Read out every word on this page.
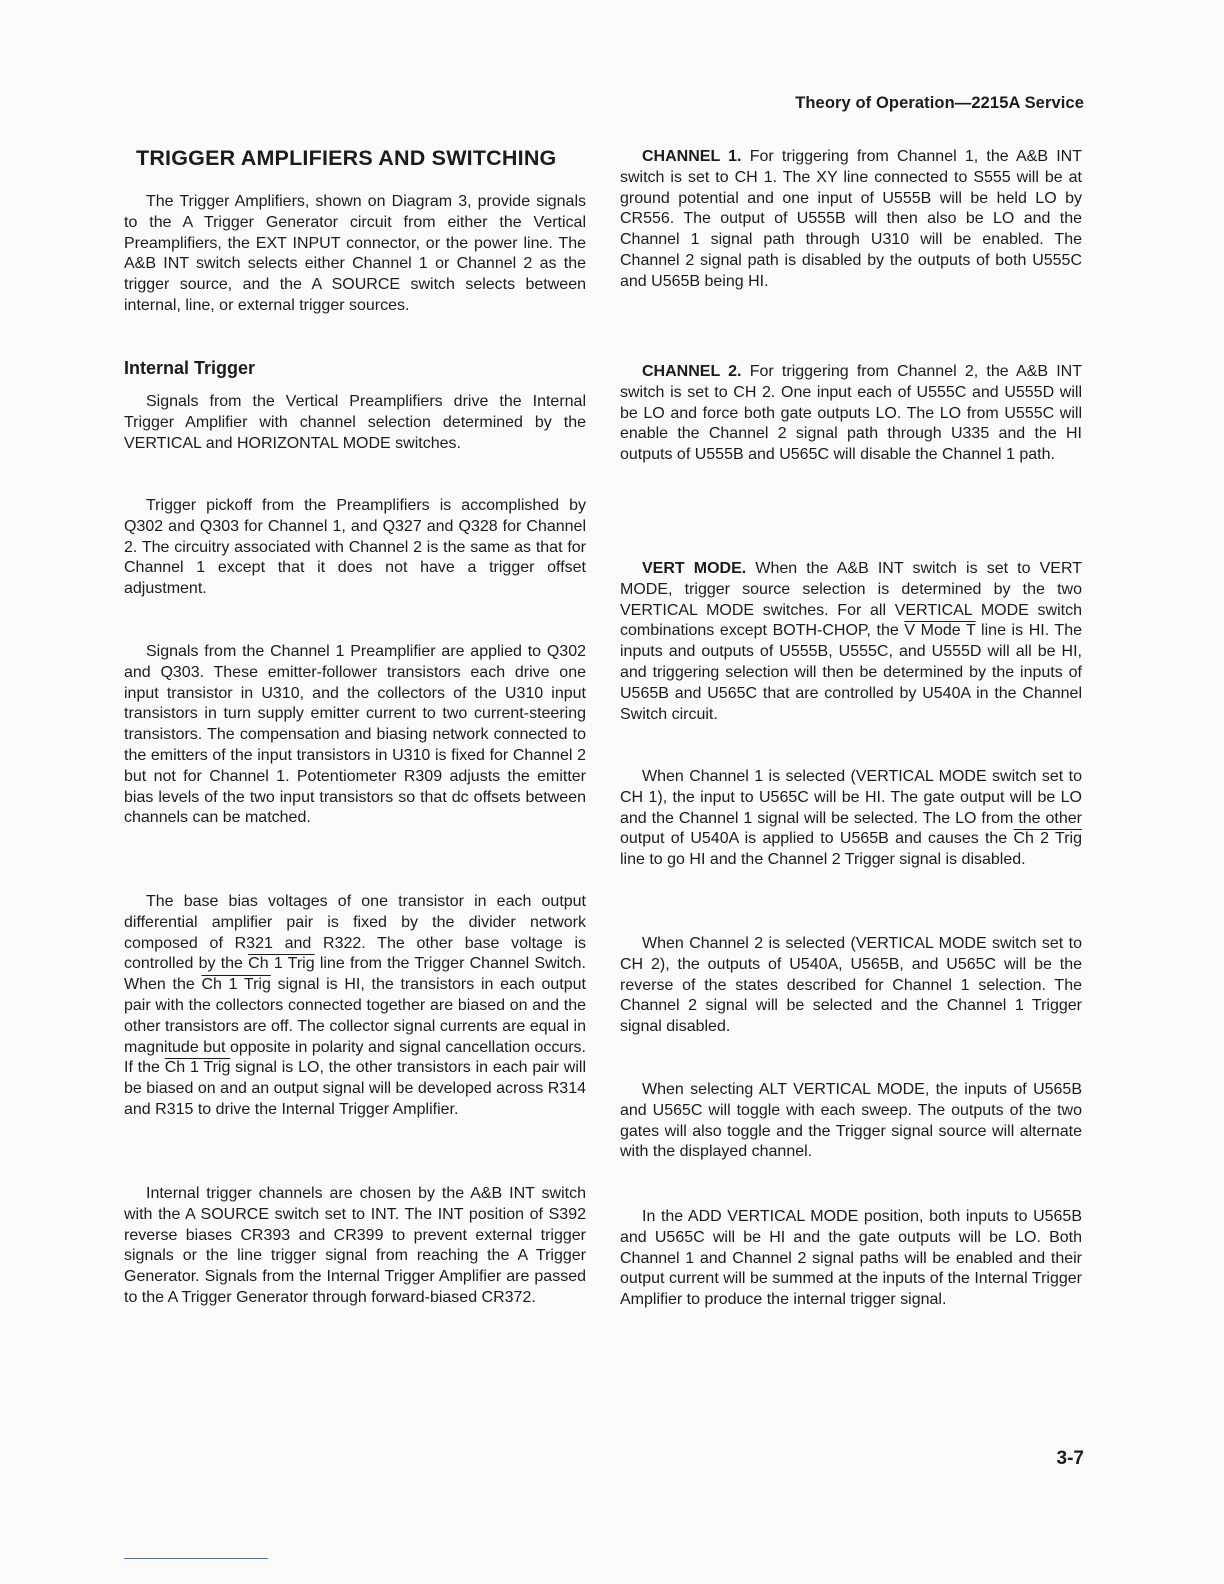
Theory of Operation—2215A Service
TRIGGER AMPLIFIERS AND SWITCHING

The Trigger Amplifiers, shown on Diagram 3, provide signals to the A Trigger Generator circuit from either the Vertical Preamplifiers, the EXT INPUT connector, or the power line. The A&B INT switch selects either Channel 1 or Channel 2 as the trigger source, and the A SOURCE switch selects between internal, line, or external trigger sources.

Internal Trigger

Signals from the Vertical Preamplifiers drive the Internal Trigger Amplifier with channel selection determined by the VERTICAL and HORIZONTAL MODE switches.

Trigger pickoff from the Preamplifiers is accomplished by Q302 and Q303 for Channel 1, and Q327 and Q328 for Channel 2. The circuitry associated with Channel 2 is the same as that for Channel 1 except that it does not have a trigger offset adjustment.

Signals from the Channel 1 Preamplifier are applied to Q302 and Q303. These emitter-follower transistors each drive one input transistor in U310, and the collectors of the U310 input transistors in turn supply emitter current to two current-steering transistors. The compensation and biasing network connected to the emitters of the input transistors in U310 is fixed for Channel 2 but not for Channel 1. Potentiometer R309 adjusts the emitter bias levels of the two input transistors so that dc offsets between channels can be matched.

The base bias voltages of one transistor in each output differential amplifier pair is fixed by the divider network composed of R321 and R322. The other base voltage is controlled by the Ch 1 Trig line from the Trigger Channel Switch. When the Ch 1 Trig signal is HI, the transistors in each output pair with the collectors connected together are biased on and the other transistors are off. The collector signal currents are equal in magnitude but opposite in polarity and signal cancellation occurs. If the Ch 1 Trig signal is LO, the other transistors in each pair will be biased on and an output signal will be developed across R314 and R315 to drive the Internal Trigger Amplifier.

Internal trigger channels are chosen by the A&B INT switch with the A SOURCE switch set to INT. The INT position of S392 reverse biases CR393 and CR399 to prevent external trigger signals or the line trigger signal from reaching the A Trigger Generator. Signals from the Internal Trigger Amplifier are passed to the A Trigger Generator through forward-biased CR372.

CHANNEL 1. For triggering from Channel 1, the A&B INT switch is set to CH 1. The XY line connected to S555 will be at ground potential and one input of U555B will be held LO by CR556. The output of U555B will then also be LO and the Channel 1 signal path through U310 will be enabled. The Channel 2 signal path is disabled by the outputs of both U555C and U565B being HI.

CHANNEL 2. For triggering from Channel 2, the A&B INT switch is set to CH 2. One input each of U555C and U555D will be LO and force both gate outputs LO. The LO from U555C will enable the Channel 2 signal path through U335 and the HI outputs of U555B and U565C will disable the Channel 1 path.

VERT MODE. When the A&B INT switch is set to VERT MODE, trigger source selection is determined by the two VERTICAL MODE switches. For all VERTICAL MODE switch combinations except BOTH-CHOP, the V Mode T line is HI. The inputs and outputs of U555B, U555C, and U555D will all be HI, and triggering selection will then be determined by the inputs of U565B and U565C that are controlled by U540A in the Channel Switch circuit.

When Channel 1 is selected (VERTICAL MODE switch set to CH 1), the input to U565C will be HI. The gate output will be LO and the Channel 1 signal will be selected. The LO from the other output of U540A is applied to U565B and causes the Ch 2 Trig line to go HI and the Channel 2 Trigger signal is disabled.

When Channel 2 is selected (VERTICAL MODE switch set to CH 2), the outputs of U540A, U565B, and U565C will be the reverse of the states described for Channel 1 selection. The Channel 2 signal will be selected and the Channel 1 Trigger signal disabled.

When selecting ALT VERTICAL MODE, the inputs of U565B and U565C will toggle with each sweep. The outputs of the two gates will also toggle and the Trigger signal source will alternate with the displayed channel.

In the ADD VERTICAL MODE position, both inputs to U565B and U565C will be HI and the gate outputs will be LO. Both Channel 1 and Channel 2 signal paths will be enabled and their output current will be summed at the inputs of the Internal Trigger Amplifier to produce the internal trigger signal.

3-7
